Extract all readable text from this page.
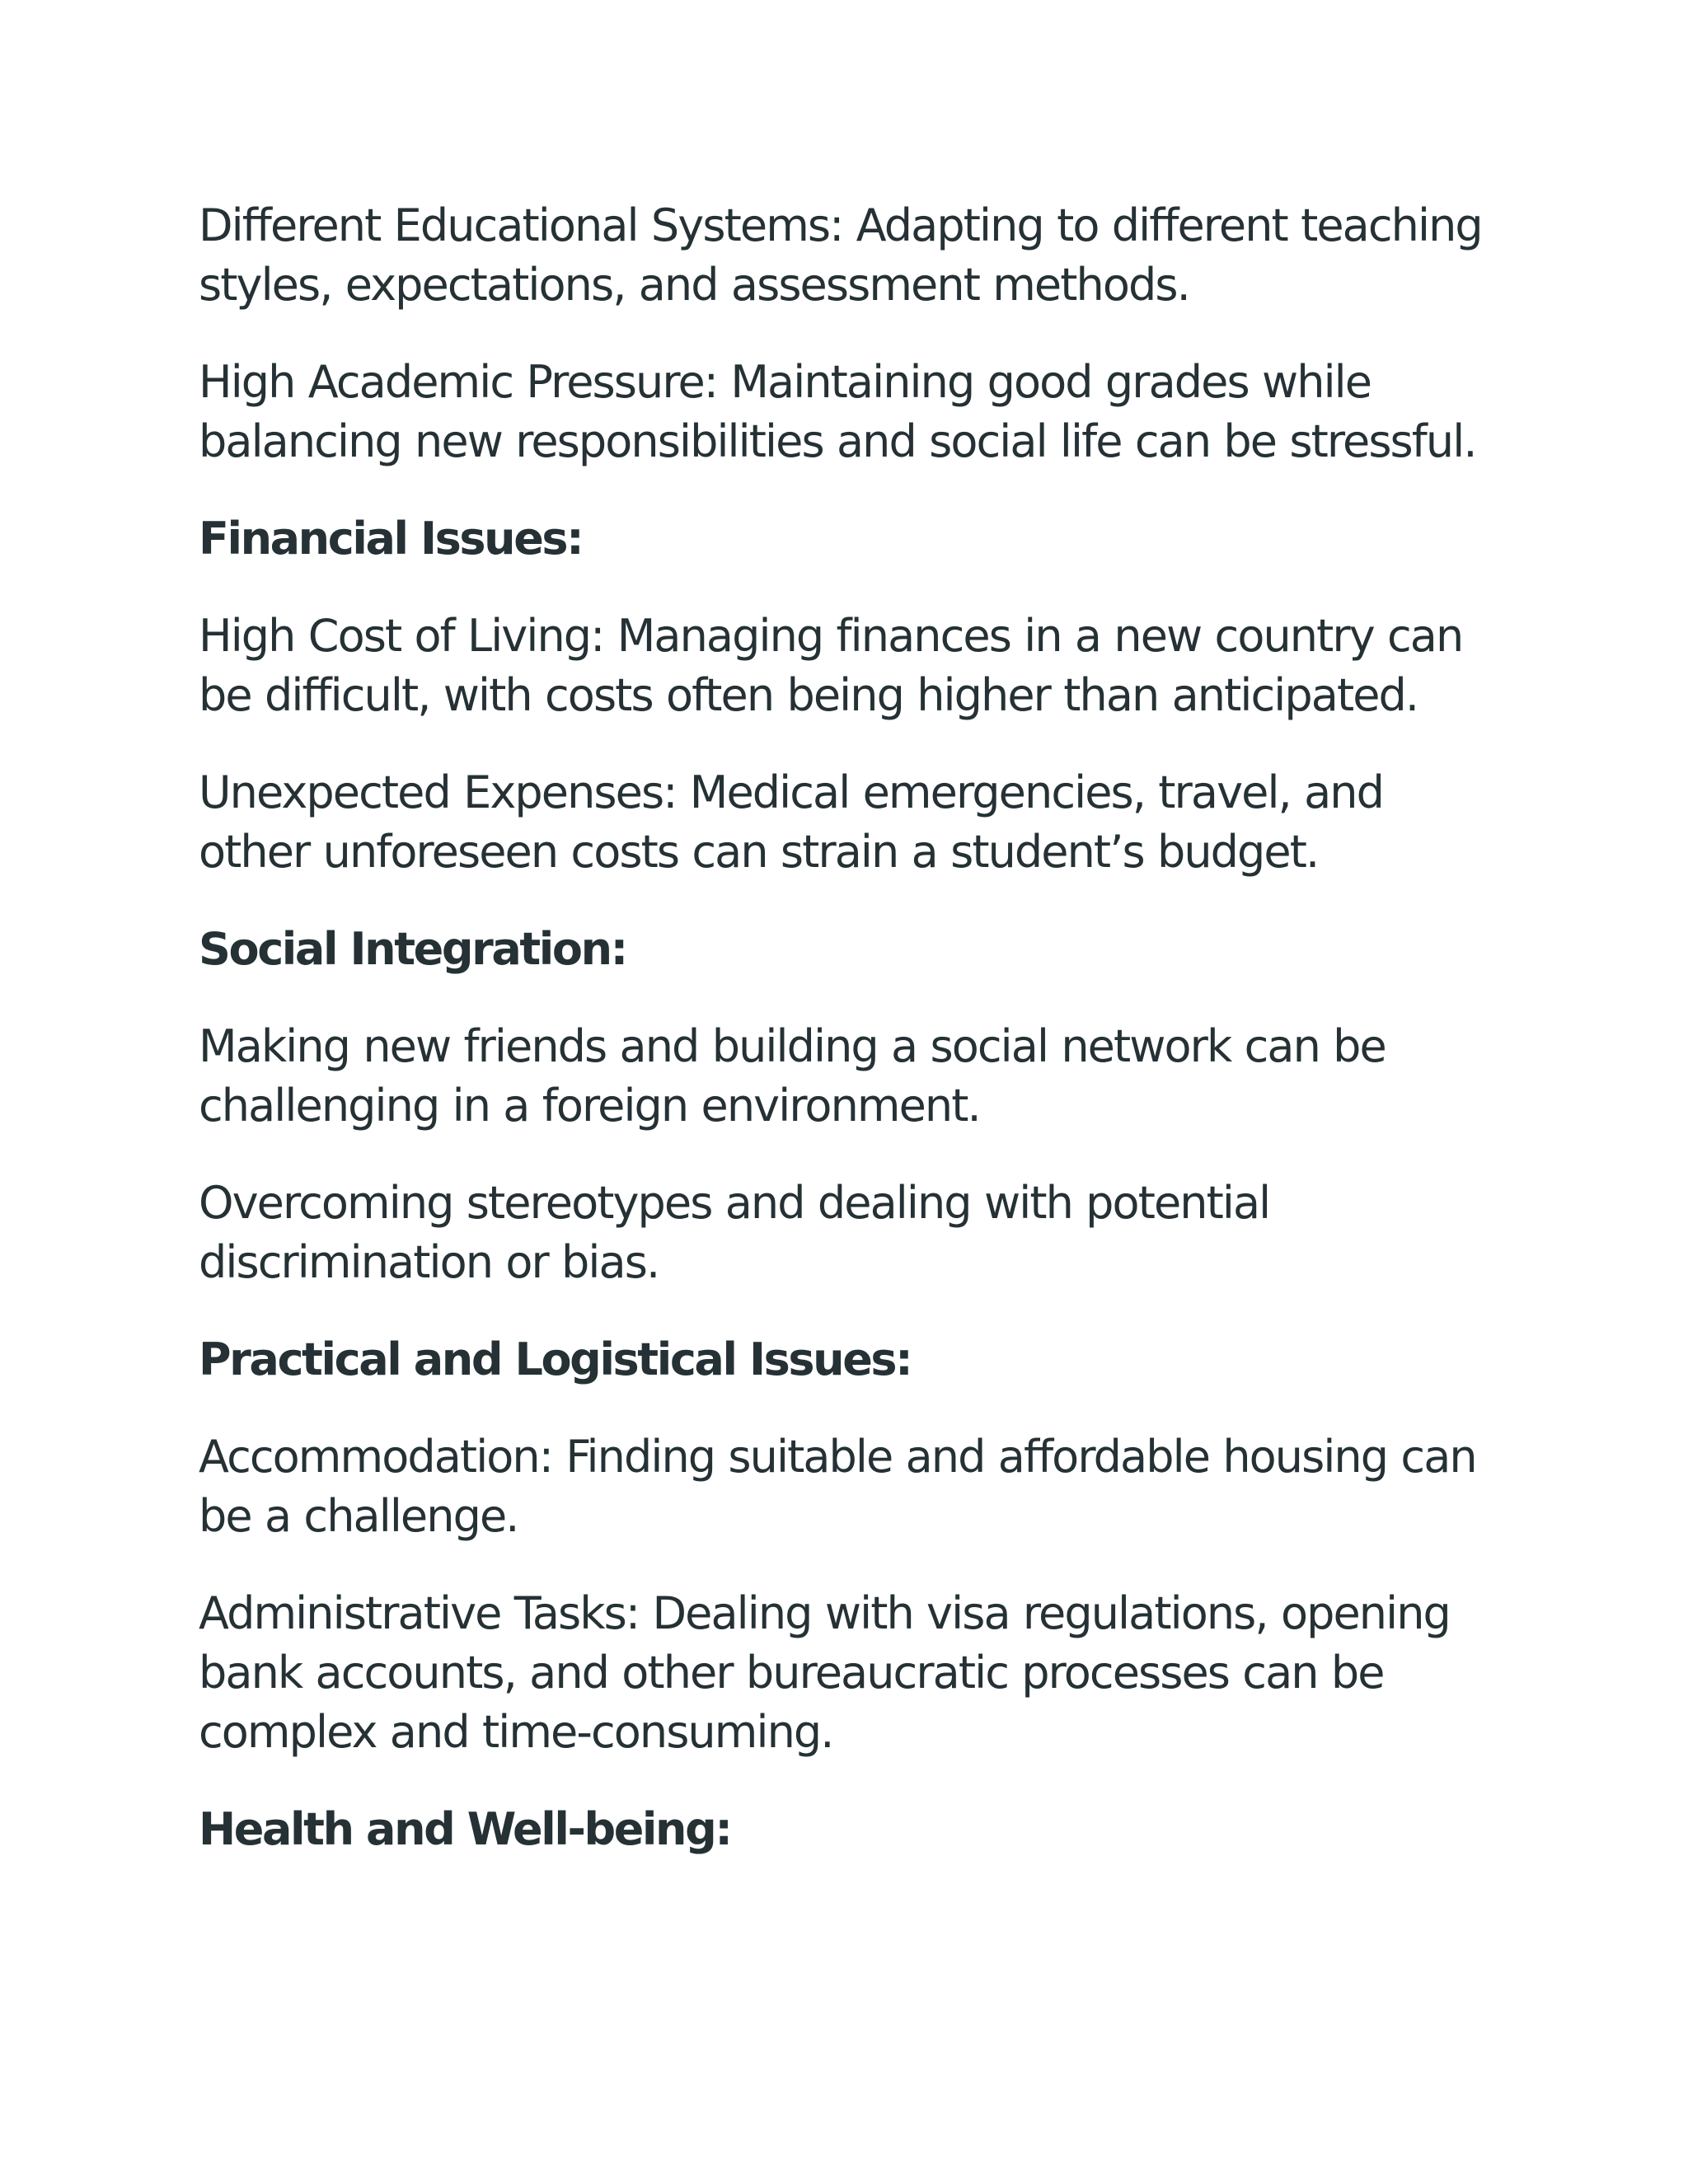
Different Educational Systems: Adapting to different teaching styles, expectations, and assessment methods.

High Academic Pressure: Maintaining good grades while balancing new responsibilities and social life can be stressful.

Financial Issues:

High Cost of Living: Managing finances in a new country can be difficult, with costs often being higher than anticipated.

Unexpected Expenses: Medical emergencies, travel, and other unforeseen costs can strain a student’s budget.

Social Integration:

Making new friends and building a social network can be challenging in a foreign environment.

Overcoming stereotypes and dealing with potential discrimination or bias.

Practical and Logistical Issues:

Accommodation: Finding suitable and affordable housing can be a challenge.

Administrative Tasks: Dealing with visa regulations, opening bank accounts, and other bureaucratic processes can be complex and time-consuming.

Health and Well-being:
